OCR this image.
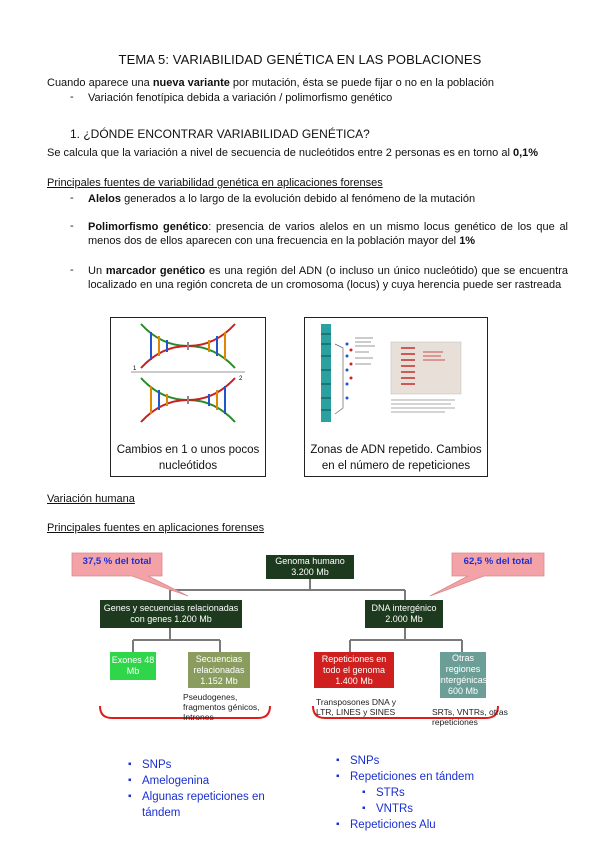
TEMA 5: VARIABILIDAD GENÉTICA EN LAS POBLACIONES
Cuando aparece una nueva variante por mutación, ésta se puede fijar o no en la población
- Variación fenotípica debida a variación / polimorfismo genético
1. ¿DÓNDE ENCONTRAR VARIABILIDAD GENÉTICA?
Se calcula que la variación a nivel de secuencia de nucleótidos entre 2 personas es en torno al 0,1%
Principales fuentes de variabilidad genética en aplicaciones forenses
- Alelos generados a lo largo de la evolución debido al fenómeno de la mutación
- Polimorfismo genético: presencia de varios alelos en un mismo locus genético de los que al menos dos de ellos aparecen con una frecuencia en la población mayor del 1%
- Un marcador genético es una región del ADN (o incluso un único nucleótido) que se encuentra localizado en una región concreta de un cromosoma (locus) y cuya herencia puede ser rastreada
1
2
Cambios en 1 o unos pocos nucleótidos
Zonas de ADN repetido. Cambios en el número de repeticiones
Variación humana
Principales fuentes en aplicaciones forenses
37,5 % del total	62,5 % del total
Genoma humano 3.200 Mb
Genes y secuencias relacionadas con genes 1.200 Mb
DNA intergénico 2.000 Mb
Exones 48 Mb
Secuencias relacionadas 1.152 Mb
Repeticiones en todo el genoma 1.400 Mb
Otras regiones intergénicas 600 Mb
Pseudogenes, fragmentos génicos, Intrones
Transposones DNA y LTR, LINES y SINES	SRTs, VNTRs, otras repeticiones
▪ SNPs
▪ Amelogenina
▪ Algunas repeticiones en tándem
▪ SNPs
▪ Repeticiones en tándem
▪ STRs
▪ VNTRs
▪ Repeticiones Alu
